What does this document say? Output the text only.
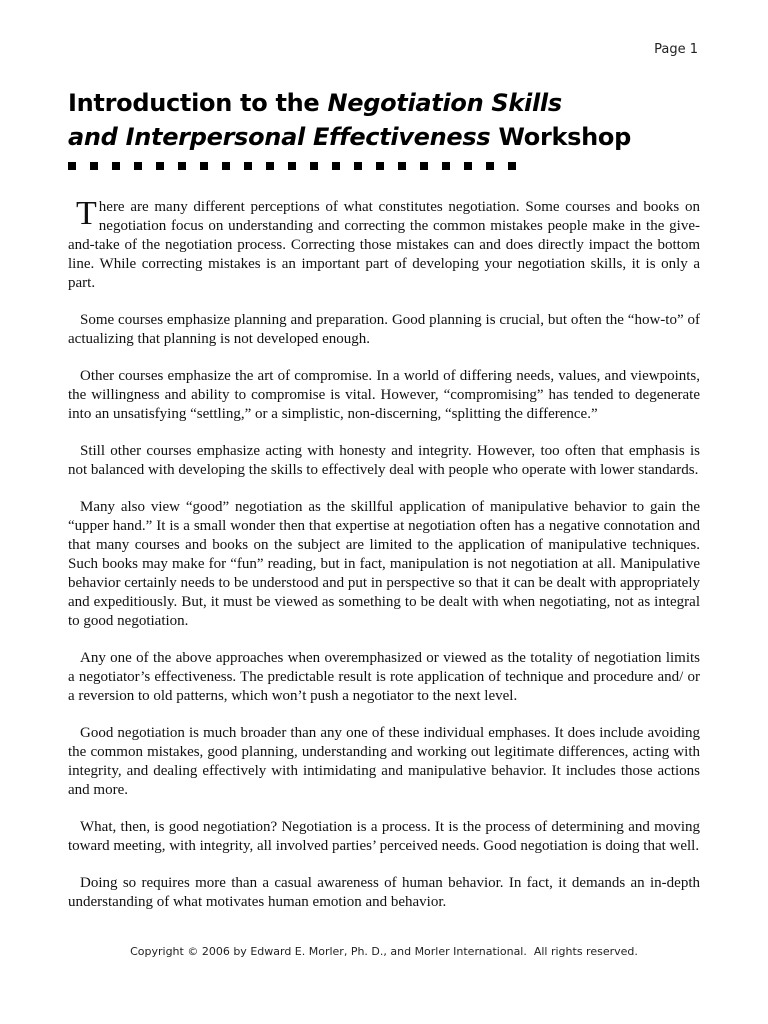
Page 1
Introduction to the Negotiation Skills
and Interpersonal Effectiveness Workshop

There are many different perceptions of what constitutes negotiation. Some courses and books on negotiation focus on understanding and correcting the common mistakes people make in the give-and-take of the negotiation process. Correcting those mistakes can and does directly impact the bottom line. While correcting mistakes is an important part of developing your negotiation skills, it is only a part.

Some courses emphasize planning and preparation. Good planning is crucial, but often the “how-to” of actualizing that planning is not developed enough.

Other courses emphasize the art of compromise. In a world of differing needs, values, and viewpoints, the willingness and ability to compromise is vital. However, “compromising” has tended to degenerate into an unsatisfying “settling,” or a simplistic, non-discerning, “splitting the difference.”

Still other courses emphasize acting with honesty and integrity. However, too often that emphasis is not balanced with developing the skills to effectively deal with people who operate with lower standards.

Many also view “good” negotiation as the skillful application of manipulative behavior to gain the “upper hand.” It is a small wonder then that expertise at negotiation often has a negative connotation and that many courses and books on the subject are limited to the application of manipulative techniques. Such books may make for “fun” reading, but in fact, manipulation is not negotiation at all. Manipulative behavior certainly needs to be understood and put in perspective so that it can be dealt with appropriately and expeditiously. But, it must be viewed as something to be dealt with when negotiating, not as integral to good negotiation.

Any one of the above approaches when overemphasized or viewed as the totality of negotiation limits a negotiator’s effectiveness. The predictable result is rote application of technique and procedure and/ or a reversion to old patterns, which won’t push a negotiator to the next level.

Good negotiation is much broader than any one of these individual emphases. It does include avoiding the common mistakes, good planning, understanding and working out legitimate differences, acting with integrity, and dealing effectively with intimidating and manipulative behavior. It includes those actions and more.

What, then, is good negotiation? Negotiation is a process. It is the process of determining and moving toward meeting, with integrity, all involved parties’ perceived needs. Good negotiation is doing that well.

Doing so requires more than a casual awareness of human behavior. In fact, it demands an in-depth understanding of what motivates human emotion and behavior.

Copyright © 2006 by Edward E. Morler, Ph. D., and Morler International.  All rights reserved.
